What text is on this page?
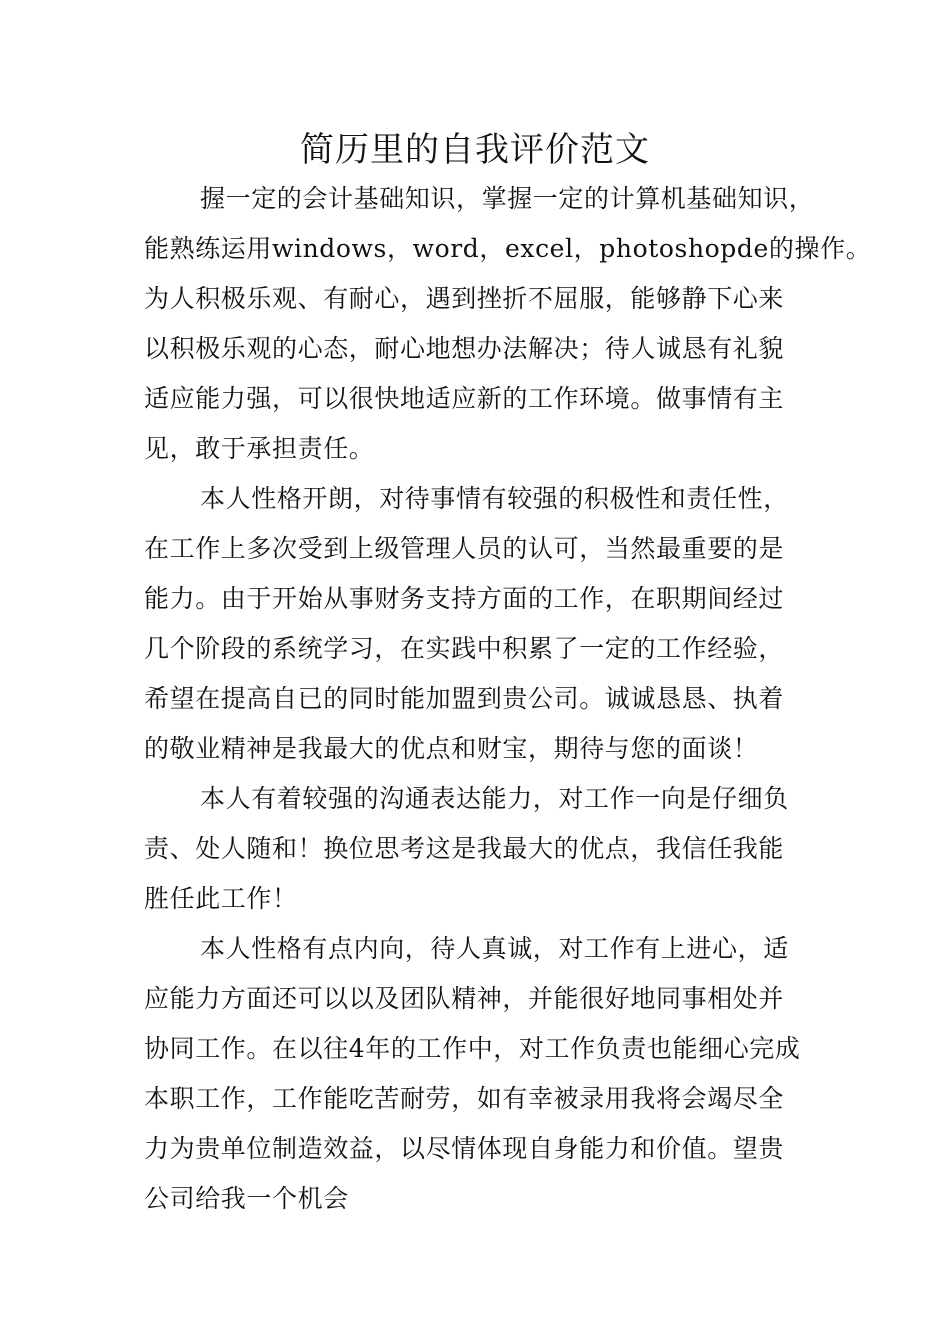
简历里的自我评价范文
握一定的会计基础知识，掌握一定的计算机基础知识，
能熟练运用windows，word，excel，photoshopde的操作。
为人积极乐观、有耐心，遇到挫折不屈服，能够静下心来
以积极乐观的心态，耐心地想办法解决；待人诚恳有礼貌
适应能力强，可以很快地适应新的工作环境。做事情有主
见，敢于承担责任。
本人性格开朗，对待事情有较强的积极性和责任性，
在工作上多次受到上级管理人员的认可，当然最重要的是
能力。由于开始从事财务支持方面的工作，在职期间经过
几个阶段的系统学习，在实践中积累了一定的工作经验，
希望在提高自已的同时能加盟到贵公司。诚诚恳恳、执着
的敬业精神是我最大的优点和财宝，期待与您的面谈！
本人有着较强的沟通表达能力，对工作一向是仔细负
责、处人随和！换位思考这是我最大的优点，我信任我能
胜任此工作！
本人性格有点内向，待人真诚，对工作有上进心，适
应能力方面还可以以及团队精神，并能很好地同事相处并
协同工作。在以往4年的工作中，对工作负责也能细心完成
本职工作，工作能吃苦耐劳，如有幸被录用我将会竭尽全
力为贵单位制造效益，以尽情体现自身能力和价值。望贵
公司给我一个机会
